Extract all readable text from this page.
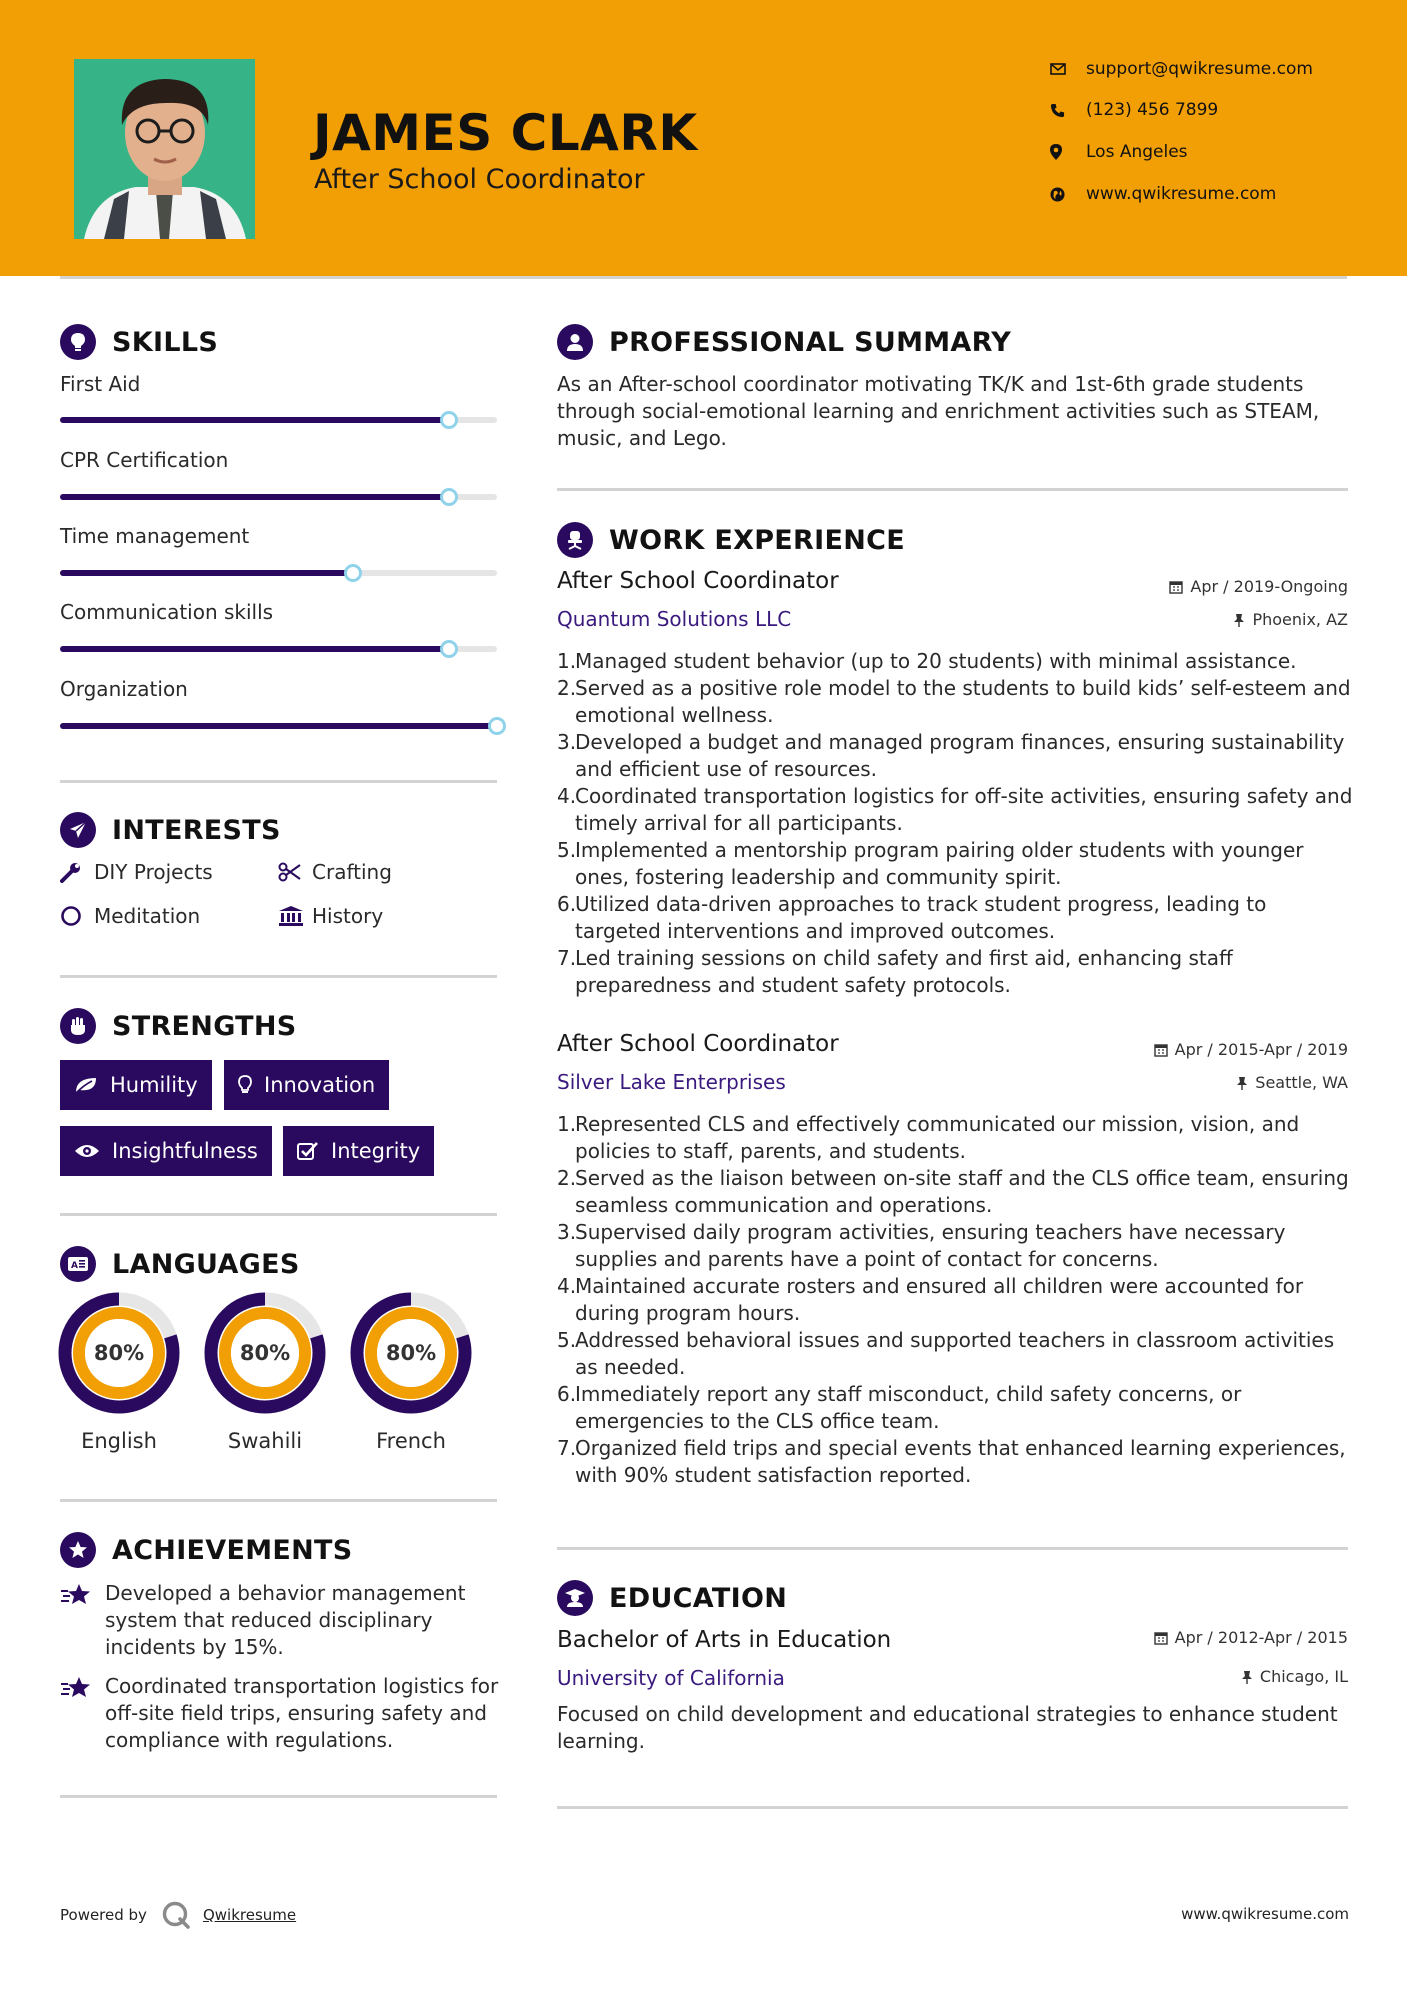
JAMES CLARK
After School Coordinator
support@qwikresume.com
(123) 456 7899
Los Angeles
www.qwikresume.com
SKILLS
First Aid
CPR Certification
Time management
Communication skills
Organization
INTERESTS
DIY Projects	Crafting
Meditation	History
STRENGTHS
Humility	Innovation
Insightfulness	Integrity
A LANGUAGES
80%
English
80%
Swahili
80%
French
ACHIEVEMENTS
Developed a behavior management system that reduced disciplinary incidents by 15%.
Coordinated transportation logistics for off-site field trips, ensuring safety and compliance with regulations.
PROFESSIONAL SUMMARY
As an After-school coordinator motivating TK/K and 1st-6th grade students through social-emotional learning and enrichment activities such as STEAM, music, and Lego.
WORK EXPERIENCE
After School Coordinator	Apr / 2019-Ongoing
Quantum Solutions LLC	Phoenix, AZ
1.
Managed student behavior (up to 20 students) with minimal assistance.
2.
Served as a positive role model to the students to build kids’ self-esteem and emotional wellness.
3.
Developed a budget and managed program finances, ensuring sustainability and efficient use of resources.
4.
Coordinated transportation logistics for off-site activities, ensuring safety and timely arrival for all participants.
5.
Implemented a mentorship program pairing older students with younger ones, fostering leadership and community spirit.
6.
Utilized data-driven approaches to track student progress, leading to targeted interventions and improved outcomes.
7.
Led training sessions on child safety and first aid, enhancing staff preparedness and student safety protocols.
After School Coordinator	Apr / 2015-Apr / 2019
Silver Lake Enterprises	Seattle, WA
1.
Represented CLS and effectively communicated our mission, vision, and policies to staff, parents, and students.
2.
Served as the liaison between on-site staff and the CLS office team, ensuring seamless communication and operations.
3.
Supervised daily program activities, ensuring teachers have necessary supplies and parents have a point of contact for concerns.
4.
Maintained accurate rosters and ensured all children were accounted for during program hours.
5.
Addressed behavioral issues and supported teachers in classroom activities as needed.
6.
Immediately report any staff misconduct, child safety concerns, or emergencies to the CLS office team.
7.
Organized field trips and special events that enhanced learning experiences, with 90% student satisfaction reported.
EDUCATION
Bachelor of Arts in Education	Apr / 2012-Apr / 2015
University of California	Chicago, IL
Focused on child development and educational strategies to enhance student learning.
Powered by	Qwikresume	www.qwikresume.com
